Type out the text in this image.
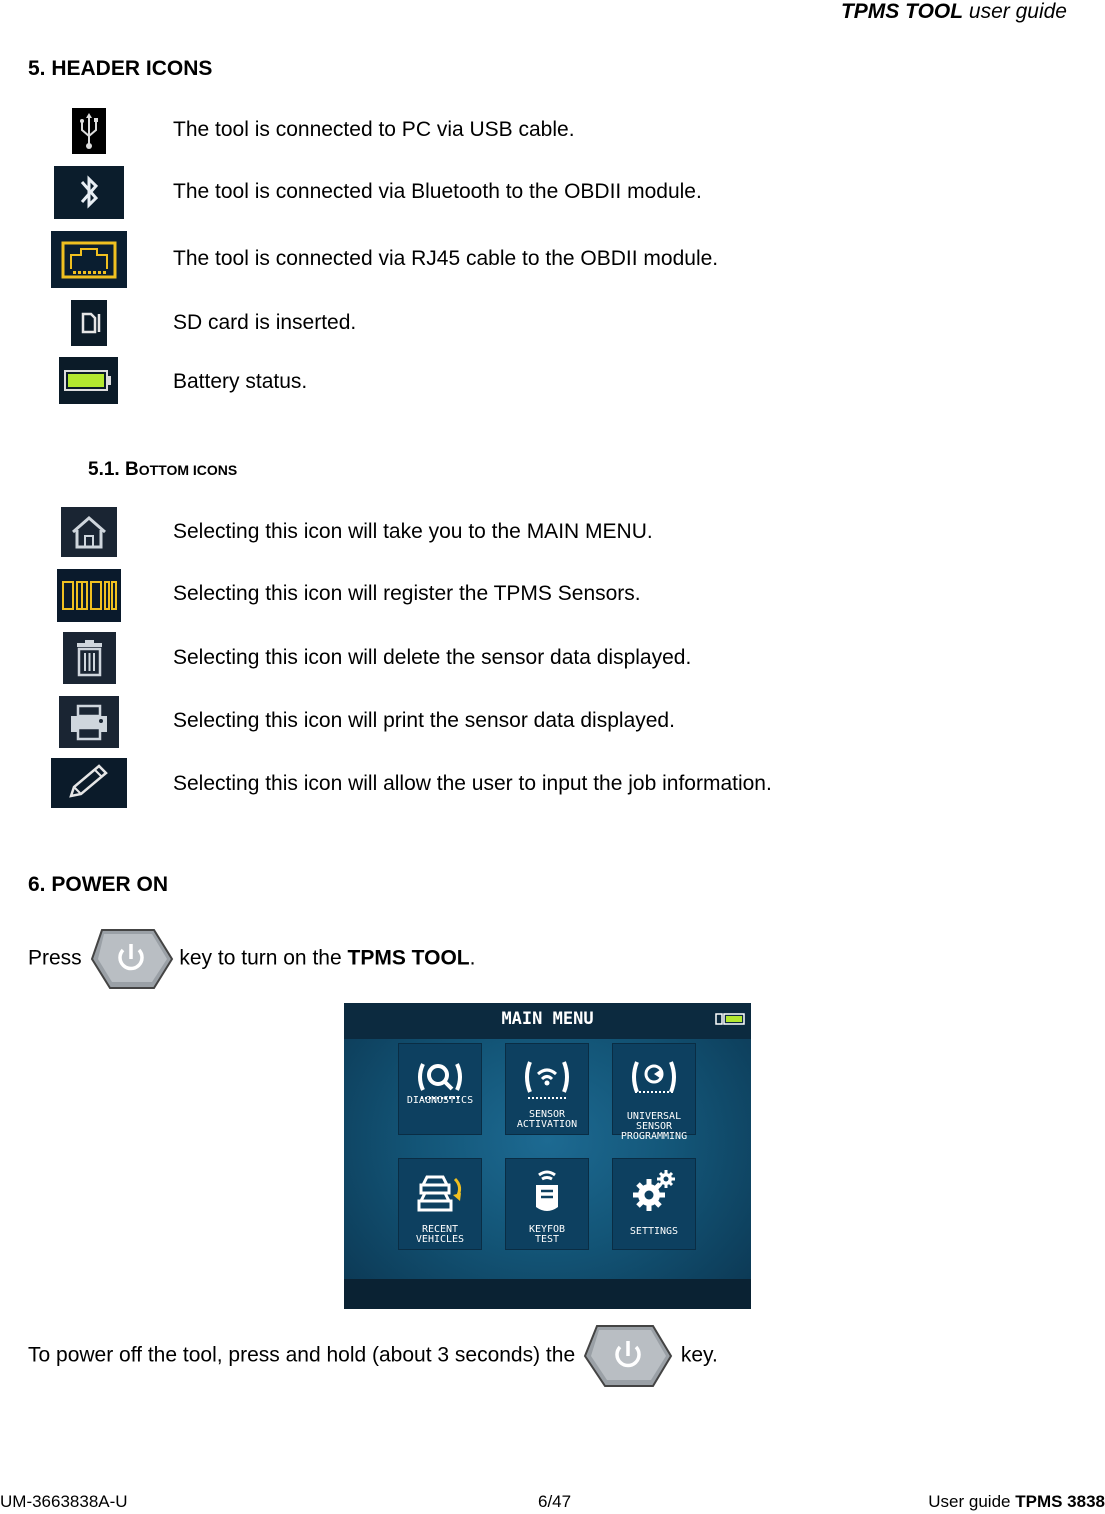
TPMS TOOL user guide
5. HEADER ICONS
The tool is connected to PC via USB cable.
The tool is connected via Bluetooth to the OBDII module.
The tool is connected via RJ45 cable to the OBDII module.
SD card is inserted.
Battery status.
5.1. BOTTOM ICONS
Selecting this icon will take you to the MAIN MENU.
Selecting this icon will register the TPMS Sensors.
Selecting this icon will delete the sensor data displayed.
Selecting this icon will print the sensor data displayed.
Selecting this icon will allow the user to input the job information.
6. POWER ON
Press	key to turn on the TPMS TOOL.
MAIN MENU
DIAGNOSTICS
SENSOR
ACTIVATION
UNIVERSAL
SENSOR
PROGRAMMING
RECENT
VEHICLES
KEYFOB
TEST
SETTINGS
To power off the tool, press and hold (about 3 seconds) the	key.
UM-3663838A-U	6/47	User guide TPMS 3838
